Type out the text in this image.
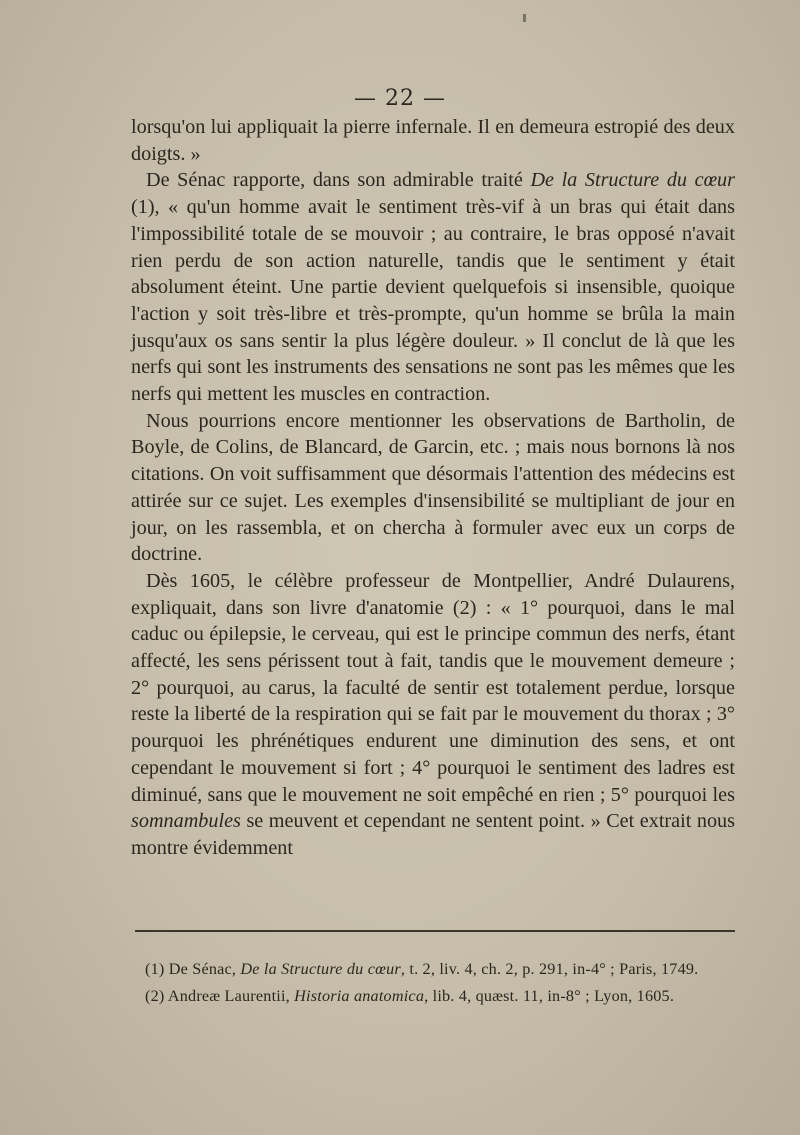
— 22 —

lorsqu'on lui appliquait la pierre infernale. Il en demeura estropié des deux doigts. »

De Sénac rapporte, dans son admirable traité De la Structure du cœur (1), « qu'un homme avait le sentiment très-vif à un bras qui était dans l'impossibilité totale de se mouvoir ; au contraire, le bras opposé n'avait rien perdu de son action naturelle, tandis que le sentiment y était absolument éteint. Une partie devient quelquefois si insensible, quoique l'action y soit très-libre et très-prompte, qu'un homme se brûla la main jusqu'aux os sans sentir la plus légère douleur. » Il conclut de là que les nerfs qui sont les instruments des sensations ne sont pas les mêmes que les nerfs qui mettent les muscles en contraction.

Nous pourrions encore mentionner les observations de Bartholin, de Boyle, de Colins, de Blancard, de Garcin, etc. ; mais nous bornons là nos citations. On voit suffisamment que désormais l'attention des médecins est attirée sur ce sujet. Les exemples d'insensibilité se multipliant de jour en jour, on les rassembla, et on chercha à formuler avec eux un corps de doctrine.

Dès 1605, le célèbre professeur de Montpellier, André Dulaurens, expliquait, dans son livre d'anatomie (2) : « 1° pourquoi, dans le mal caduc ou épilepsie, le cerveau, qui est le principe commun des nerfs, étant affecté, les sens périssent tout à fait, tandis que le mouvement demeure ; 2° pourquoi, au carus, la faculté de sentir est totalement perdue, lorsque reste la liberté de la respiration qui se fait par le mouvement du thorax ; 3° pourquoi les phrénétiques endurent une diminution des sens, et ont cependant le mouvement si fort ; 4° pourquoi le sentiment des ladres est diminué, sans que le mouvement ne soit empêché en rien ; 5° pourquoi les somnambules se meuvent et cependant ne sentent point. » Cet extrait nous montre évidemment

(1) De Sénac, De la Structure du cœur, t. 2, liv. 4, ch. 2, p. 291, in-4° ; Paris, 1749.

(2) Andreæ Laurentii, Historia anatomica, lib. 4, quæst. 11, in-8° ; Lyon, 1605.
